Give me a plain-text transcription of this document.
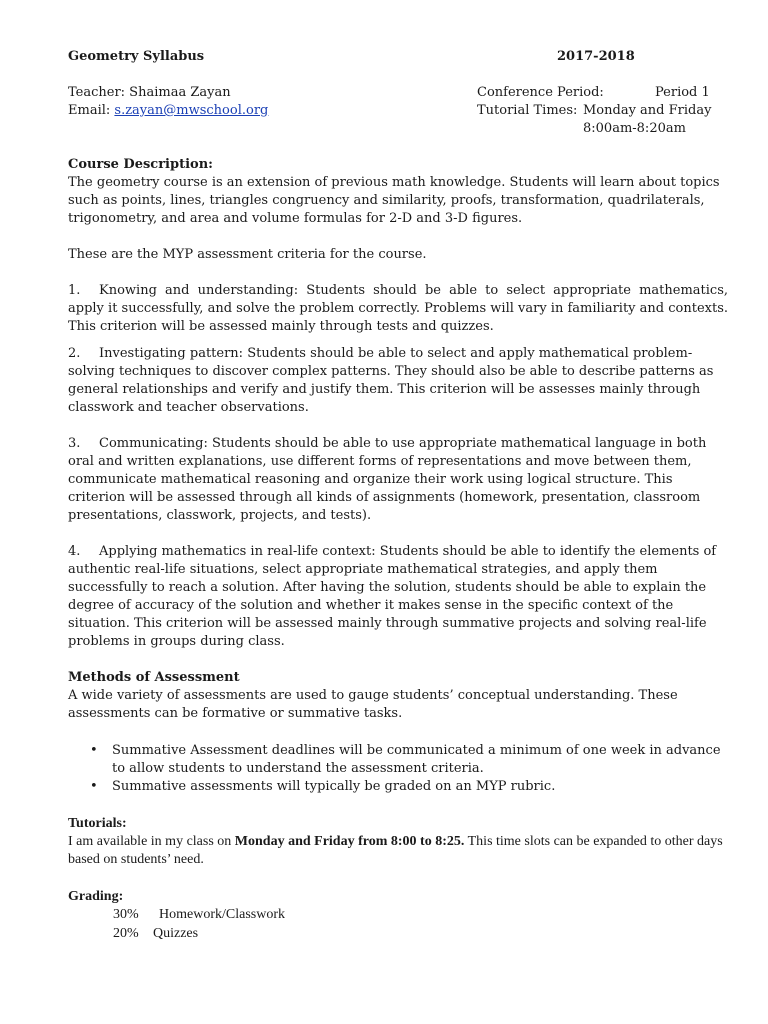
Geometry Syllabus	2017-2018
Teacher: Shaimaa Zayan
Email: s.zayan@mwschool.org
Conference Period:	Period 1
Tutorial Times: Monday and Friday
8:00am-8:20am
Course Description:
The geometry course is an extension of previous math knowledge. Students will learn about topics such as points, lines, triangles congruency and similarity, proofs, transformation, quadrilaterals, trigonometry, and area and volume formulas for 2-D and 3-D figures.
These are the MYP assessment criteria for the course.
1. Knowing and understanding: Students should be able to select appropriate mathematics, apply it successfully, and solve the problem correctly. Problems will vary in familiarity and contexts. This criterion will be assessed mainly through tests and quizzes.
2. Investigating pattern: Students should be able to select and apply mathematical problem-solving techniques to discover complex patterns. They should also be able to describe patterns as general relationships and verify and justify them. This criterion will be assesses mainly through classwork and teacher observations.
3. Communicating: Students should be able to use appropriate mathematical language in both oral and written explanations, use different forms of representations and move between them, communicate mathematical reasoning and organize their work using logical structure. This criterion will be assessed through all kinds of assignments (homework, presentation, classroom presentations, classwork, projects, and tests).
4. Applying mathematics in real-life context: Students should be able to identify the elements of authentic real-life situations, select appropriate mathematical strategies, and apply them successfully to reach a solution. After having the solution, students should be able to explain the degree of accuracy of the solution and whether it makes sense in the specific context of the situation. This criterion will be assessed mainly through summative projects and solving real-life problems in groups during class.
Methods of Assessment
A wide variety of assessments are used to gauge students’ conceptual understanding. These assessments can be formative or summative tasks.
• Summative Assessment deadlines will be communicated a minimum of one week in advance to allow students to understand the assessment criteria.
• Summative assessments will typically be graded on an MYP rubric.
Tutorials:
I am available in my class on Monday and Friday from 8:00 to 8:25. This time slots can be expanded to other days based on students’ need.
Grading:
30% Homework/Classwork
20% Quizzes
